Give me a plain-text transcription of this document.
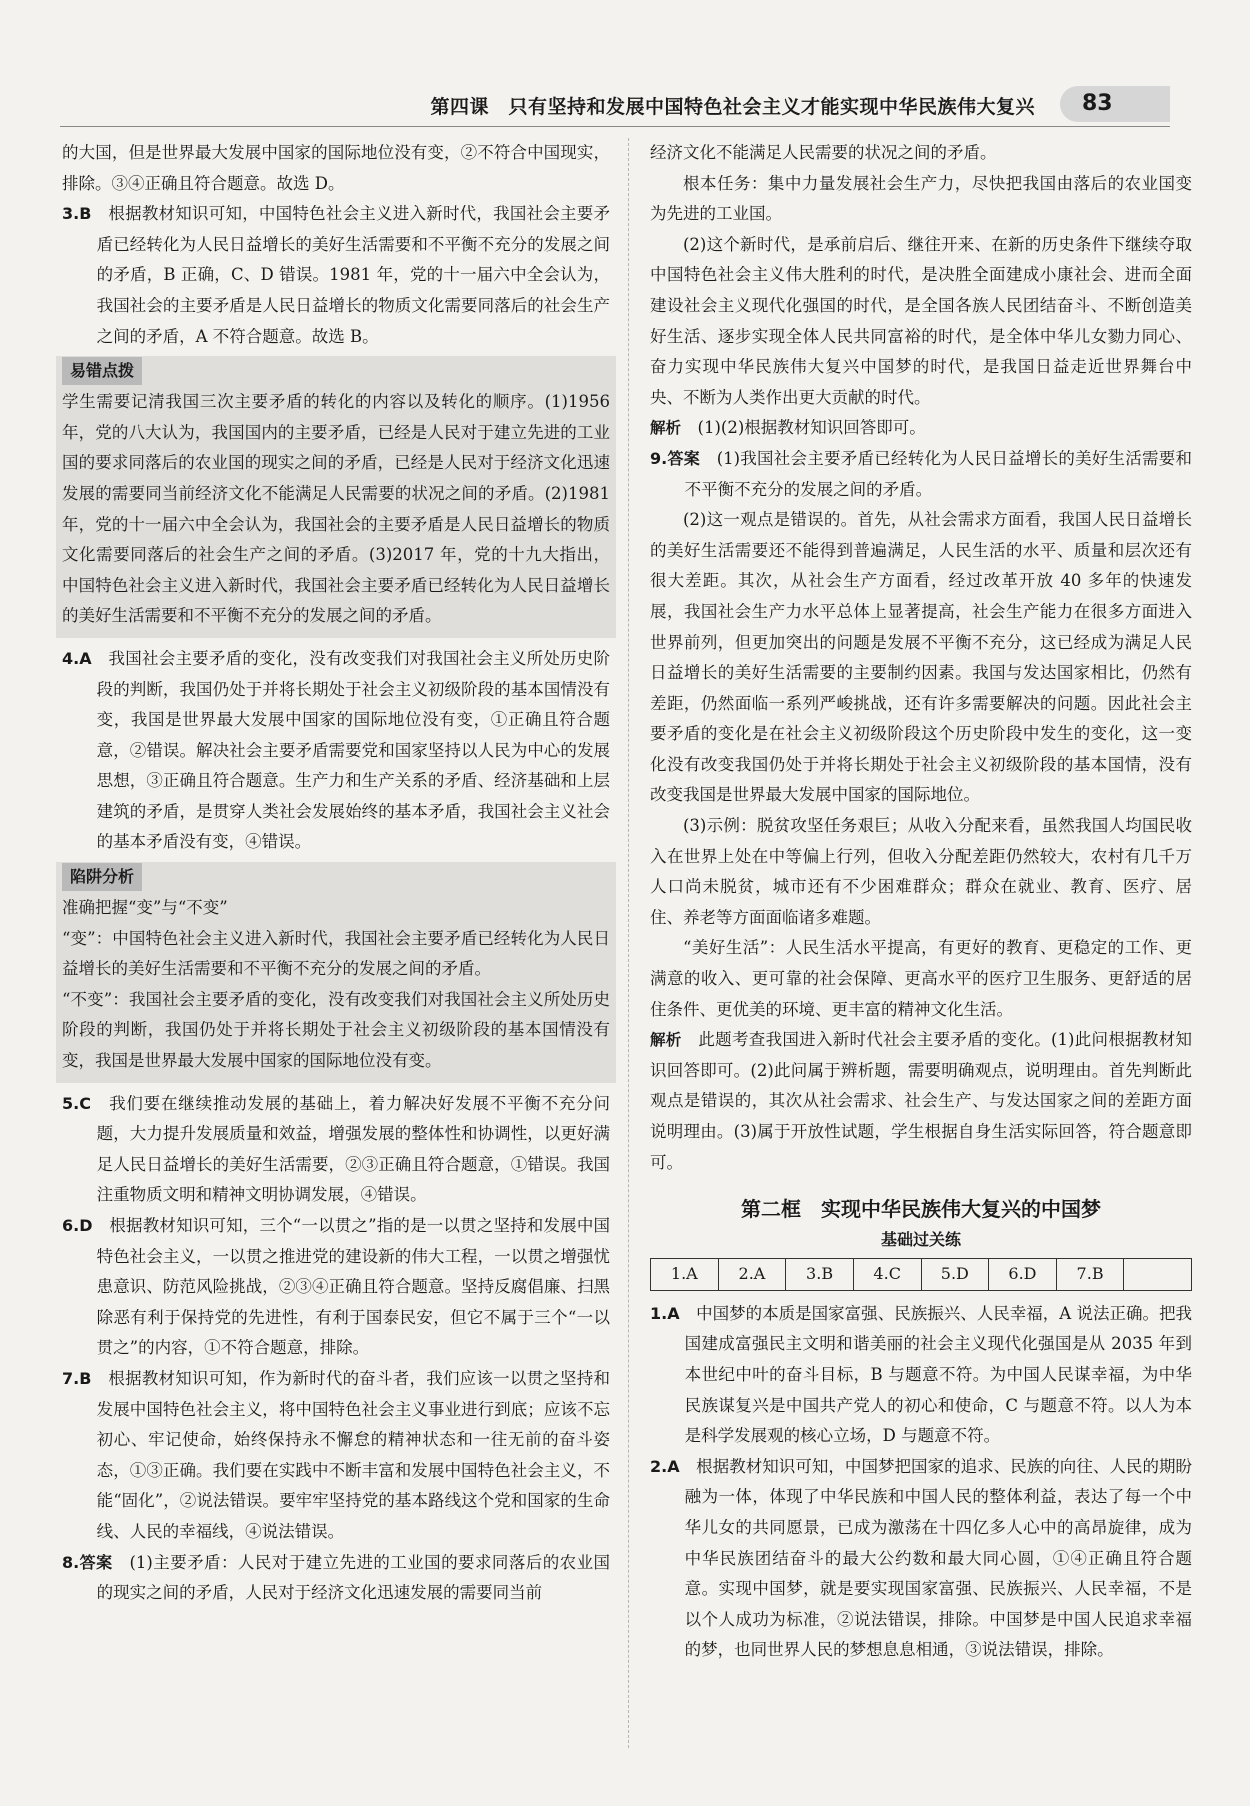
第四课　只有坚持和发展中国特色社会主义才能实现中华民族伟大复兴	83

的大国，但是世界最大发展中国家的国际地位没有变，②不符合中国现实，排除。③④正确且符合题意。故选 D。

3.B　 根据教材知识可知，中国特色社会主义进入新时代，我国社会主要矛盾已经转化为人民日益增长的美好生活需要和不平衡不充分的发展之间的矛盾，B 正确，C、D 错误。1981 年，党的十一届六中全会认为，我国社会的主要矛盾是人民日益增长的物质文化需要同落后的社会生产之间的矛盾，A 不符合题意。故选 B。

易错点拨

学生需要记清我国三次主要矛盾的转化的内容以及转化的顺序。(1)1956 年，党的八大认为，我国国内的主要矛盾，已经是人民对于建立先进的工业国的要求同落后的农业国的现实之间的矛盾，已经是人民对于经济文化迅速发展的需要同当前经济文化不能满足人民需要的状况之间的矛盾。(2)1981 年，党的十一届六中全会认为，我国社会的主要矛盾是人民日益增长的物质文化需要同落后的社会生产之间的矛盾。(3)2017 年，党的十九大指出，中国特色社会主义进入新时代，我国社会主要矛盾已经转化为人民日益增长的美好生活需要和不平衡不充分的发展之间的矛盾。

4.A　 我国社会主要矛盾的变化，没有改变我们对我国社会主义所处历史阶段的判断，我国仍处于并将长期处于社会主义初级阶段的基本国情没有变，我国是世界最大发展中国家的国际地位没有变，①正确且符合题意，②错误。解决社会主要矛盾需要党和国家坚持以人民为中心的发展思想，③正确且符合题意。生产力和生产关系的矛盾、经济基础和上层建筑的矛盾，是贯穿人类社会发展始终的基本矛盾，我国社会主义社会的基本矛盾没有变，④错误。

陷阱分析

准确把握“变”与“不变”

“变”：中国特色社会主义进入新时代，我国社会主要矛盾已经转化为人民日益增长的美好生活需要和不平衡不充分的发展之间的矛盾。

“不变”：我国社会主要矛盾的变化，没有改变我们对我国社会主义所处历史阶段的判断，我国仍处于并将长期处于社会主义初级阶段的基本国情没有变，我国是世界最大发展中国家的国际地位没有变。

5.C　 我们要在继续推动发展的基础上，着力解决好发展不平衡不充分问题，大力提升发展质量和效益，增强发展的整体性和协调性，以更好满足人民日益增长的美好生活需要，②③正确且符合题意，①错误。我国注重物质文明和精神文明协调发展，④错误。

6.D　 根据教材知识可知，三个“一以贯之”指的是一以贯之坚持和发展中国特色社会主义，一以贯之推进党的建设新的伟大工程，一以贯之增强忧患意识、防范风险挑战，②③④正确且符合题意。坚持反腐倡廉、扫黑除恶有利于保持党的先进性，有利于国泰民安，但它不属于三个“一以贯之”的内容，①不符合题意，排除。

7.B　 根据教材知识可知，作为新时代的奋斗者，我们应该一以贯之坚持和发展中国特色社会主义，将中国特色社会主义事业进行到底；应该不忘初心、牢记使命，始终保持永不懈怠的精神状态和一往无前的奋斗姿态，①③正确。我们要在实践中不断丰富和发展中国特色社会主义，不能“固化”，②说法错误。要牢牢坚持党的基本路线这个党和国家的生命线、人民的幸福线，④说法错误。

8.答案　 (1)主要矛盾：人民对于建立先进的工业国的要求同落后的农业国的现实之间的矛盾，人民对于经济文化迅速发展的需要同当前

经济文化不能满足人民需要的状况之间的矛盾。

根本任务：集中力量发展社会生产力，尽快把我国由落后的农业国变为先进的工业国。

(2)这个新时代，是承前启后、继往开来、在新的历史条件下继续夺取中国特色社会主义伟大胜利的时代，是决胜全面建成小康社会、进而全面建设社会主义现代化强国的时代，是全国各族人民团结奋斗、不断创造美好生活、逐步实现全体人民共同富裕的时代，是全体中华儿女勠力同心、奋力实现中华民族伟大复兴中国梦的时代，是我国日益走近世界舞台中央、不断为人类作出更大贡献的时代。

解析　 (1)(2)根据教材知识回答即可。

9.答案　 (1)我国社会主要矛盾已经转化为人民日益增长的美好生活需要和不平衡不充分的发展之间的矛盾。

(2)这一观点是错误的。首先，从社会需求方面看，我国人民日益增长的美好生活需要还不能得到普遍满足，人民生活的水平、质量和层次还有很大差距。其次，从社会生产方面看，经过改革开放 40 多年的快速发展，我国社会生产力水平总体上显著提高，社会生产能力在很多方面进入世界前列，但更加突出的问题是发展不平衡不充分，这已经成为满足人民日益增长的美好生活需要的主要制约因素。我国与发达国家相比，仍然有差距，仍然面临一系列严峻挑战，还有许多需要解决的问题。因此社会主要矛盾的变化是在社会主义初级阶段这个历史阶段中发生的变化，这一变化没有改变我国仍处于并将长期处于社会主义初级阶段的基本国情，没有改变我国是世界最大发展中国家的国际地位。

(3)示例：脱贫攻坚任务艰巨；从收入分配来看，虽然我国人均国民收入在世界上处在中等偏上行列，但收入分配差距仍然较大，农村有几千万人口尚未脱贫，城市还有不少困难群众；群众在就业、教育、医疗、居住、养老等方面面临诸多难题。

“美好生活”：人民生活水平提高，有更好的教育、更稳定的工作、更满意的收入、更可靠的社会保障、更高水平的医疗卫生服务、更舒适的居住条件、更优美的环境、更丰富的精神文化生活。

解析　 此题考查我国进入新时代社会主要矛盾的变化。(1)此问根据教材知识回答即可。(2)此问属于辨析题，需要明确观点，说明理由。首先判断此观点是错误的，其次从社会需求、社会生产、与发达国家之间的差距方面说明理由。(3)属于开放性试题，学生根据自身生活实际回答，符合题意即可。

第二框　实现中华民族伟大复兴的中国梦
基础过关练
1.A	2.A	3.B	4.C	5.D	6.D	7.B	

1.A　 中国梦的本质是国家富强、民族振兴、人民幸福，A 说法正确。把我国建成富强民主文明和谐美丽的社会主义现代化强国是从 2035 年到本世纪中叶的奋斗目标，B 与题意不符。为中国人民谋幸福，为中华民族谋复兴是中国共产党人的初心和使命，C 与题意不符。以人为本是科学发展观的核心立场，D 与题意不符。

2.A　 根据教材知识可知，中国梦把国家的追求、民族的向往、人民的期盼融为一体，体现了中华民族和中国人民的整体利益，表达了每一个中华儿女的共同愿景，已成为激荡在十四亿多人心中的高昂旋律，成为中华民族团结奋斗的最大公约数和最大同心圆，①④正确且符合题意。实现中国梦，就是要实现国家富强、民族振兴、人民幸福，不是以个人成功为标准，②说法错误，排除。中国梦是中国人民追求幸福的梦，也同世界人民的梦想息息相通，③说法错误，排除。
